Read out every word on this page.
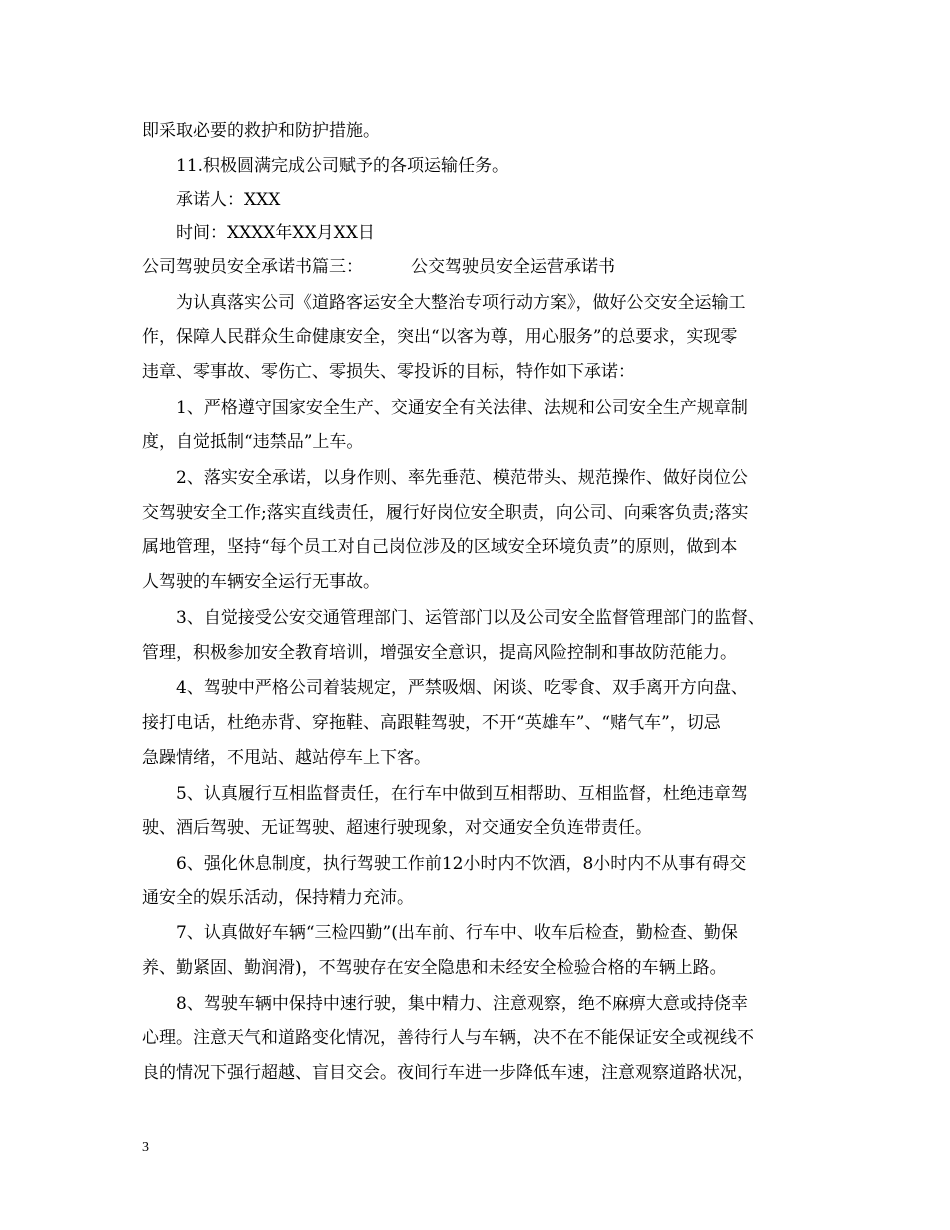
即采取必要的救护和防护措施。
11.积极圆满完成公司赋予的各项运输任务。
承诺人：XXX
时间：XXXX年XX月XX日
公司驾驶员安全承诺书篇三：	公交驾驶员安全运营承诺书
为认真落实公司《道路客运安全大整治专项行动方案》，做好公交安全运输工
作，保障人民群众生命健康安全，突出“以客为尊，用心服务”的总要求，实现零
违章、零事故、零伤亡、零损失、零投诉的目标，特作如下承诺：
1、严格遵守国家安全生产、交通安全有关法律、法规和公司安全生产规章制
度，自觉抵制“违禁品”上车。
2、落实安全承诺，以身作则、率先垂范、模范带头、规范操作、做好岗位公
交驾驶安全工作;落实直线责任，履行好岗位安全职责，向公司、向乘客负责;落实
属地管理，坚持“每个员工对自己岗位涉及的区域安全环境负责”的原则，做到本
人驾驶的车辆安全运行无事故。
3、自觉接受公安交通管理部门、运管部门以及公司安全监督管理部门的监督、
管理，积极参加安全教育培训，增强安全意识，提高风险控制和事故防范能力。
4、驾驶中严格公司着装规定，严禁吸烟、闲谈、吃零食、双手离开方向盘、
接打电话，杜绝赤背、穿拖鞋、高跟鞋驾驶，不开“英雄车”、“赌气车”，切忌
急躁情绪，不甩站、越站停车上下客。
5、认真履行互相监督责任，在行车中做到互相帮助、互相监督，杜绝违章驾
驶、酒后驾驶、无证驾驶、超速行驶现象，对交通安全负连带责任。
6、强化休息制度，执行驾驶工作前12小时内不饮酒，8小时内不从事有碍交
通安全的娱乐活动，保持精力充沛。
7、认真做好车辆“三检四勤”(出车前、行车中、收车后检查，勤检查、勤保
养、勤紧固、勤润滑)，不驾驶存在安全隐患和未经安全检验合格的车辆上路。
8、驾驶车辆中保持中速行驶，集中精力、注意观察，绝不麻痹大意或持侥幸
心理。注意天气和道路变化情况，善待行人与车辆，决不在不能保证安全或视线不
良的情况下强行超越、盲目交会。夜间行车进一步降低车速，注意观察道路状况，
3
